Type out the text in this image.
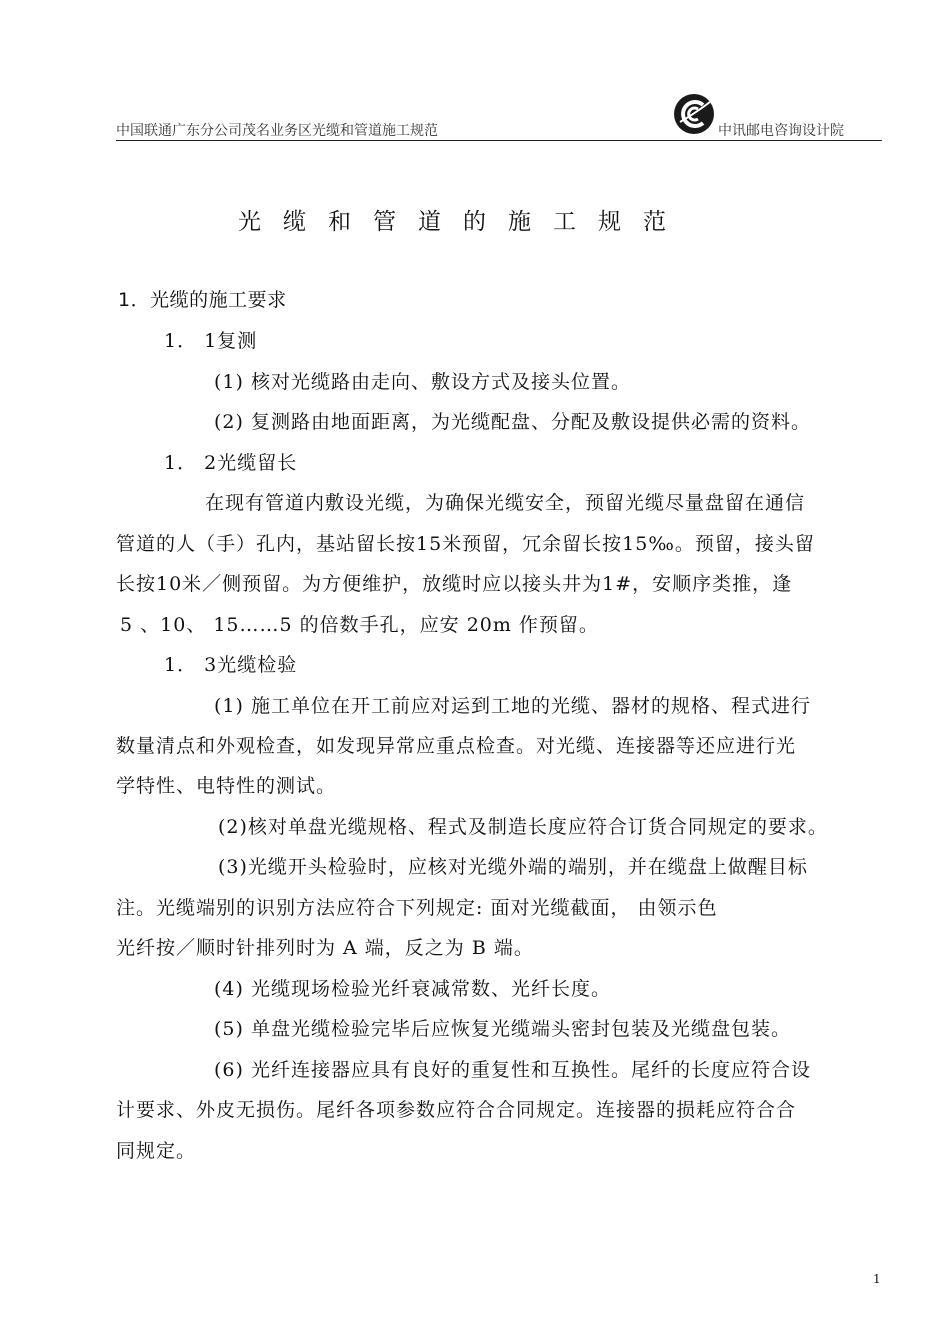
中国联通广东分公司茂名业务区光缆和管道施工规范	中讯邮电咨询设计院
光缆和管道的施工规范
1．光缆的施工要求
1． 1复测
(1) 核对光缆路由走向、敷设方式及接头位置。
(2) 复测路由地面距离，为光缆配盘、分配及敷设提供必需的资料。
1． 2光缆留长
在现有管道内敷设光缆，为确保光缆安全，预留光缆尽量盘留在通信
管道的人（手）孔内，基站留长按15米预留，冗余留长按15‰。预留，接头留
长按10米／侧预留。为方便维护，放缆时应以接头井为1#，安顺序类推，逢
5 、10、 15……5 的倍数手孔，应安 20m 作预留。
1． 3光缆检验
(1) 施工单位在开工前应对运到工地的光缆、器材的规格、程式进行
数量清点和外观检查，如发现异常应重点检查。对光缆、连接器等还应进行光
学特性、电特性的测试。
(2)核对单盘光缆规格、程式及制造长度应符合订货合同规定的要求。
(3)光缆开头检验时，应核对光缆外端的端别，并在缆盘上做醒目标
注。光缆端别的识别方法应符合下列规定: 面对光缆截面， 由领示色
光纤按／顺时针排列时为 A 端，反之为 B 端。
(4) 光缆现场检验光纤衰减常数、光纤长度。
(5) 单盘光缆检验完毕后应恢复光缆端头密封包装及光缆盘包装。
(6) 光纤连接器应具有良好的重复性和互换性。尾纤的长度应符合设
计要求、外皮无损伤。尾纤各项参数应符合合同规定。连接器的损耗应符合合
同规定。
1
